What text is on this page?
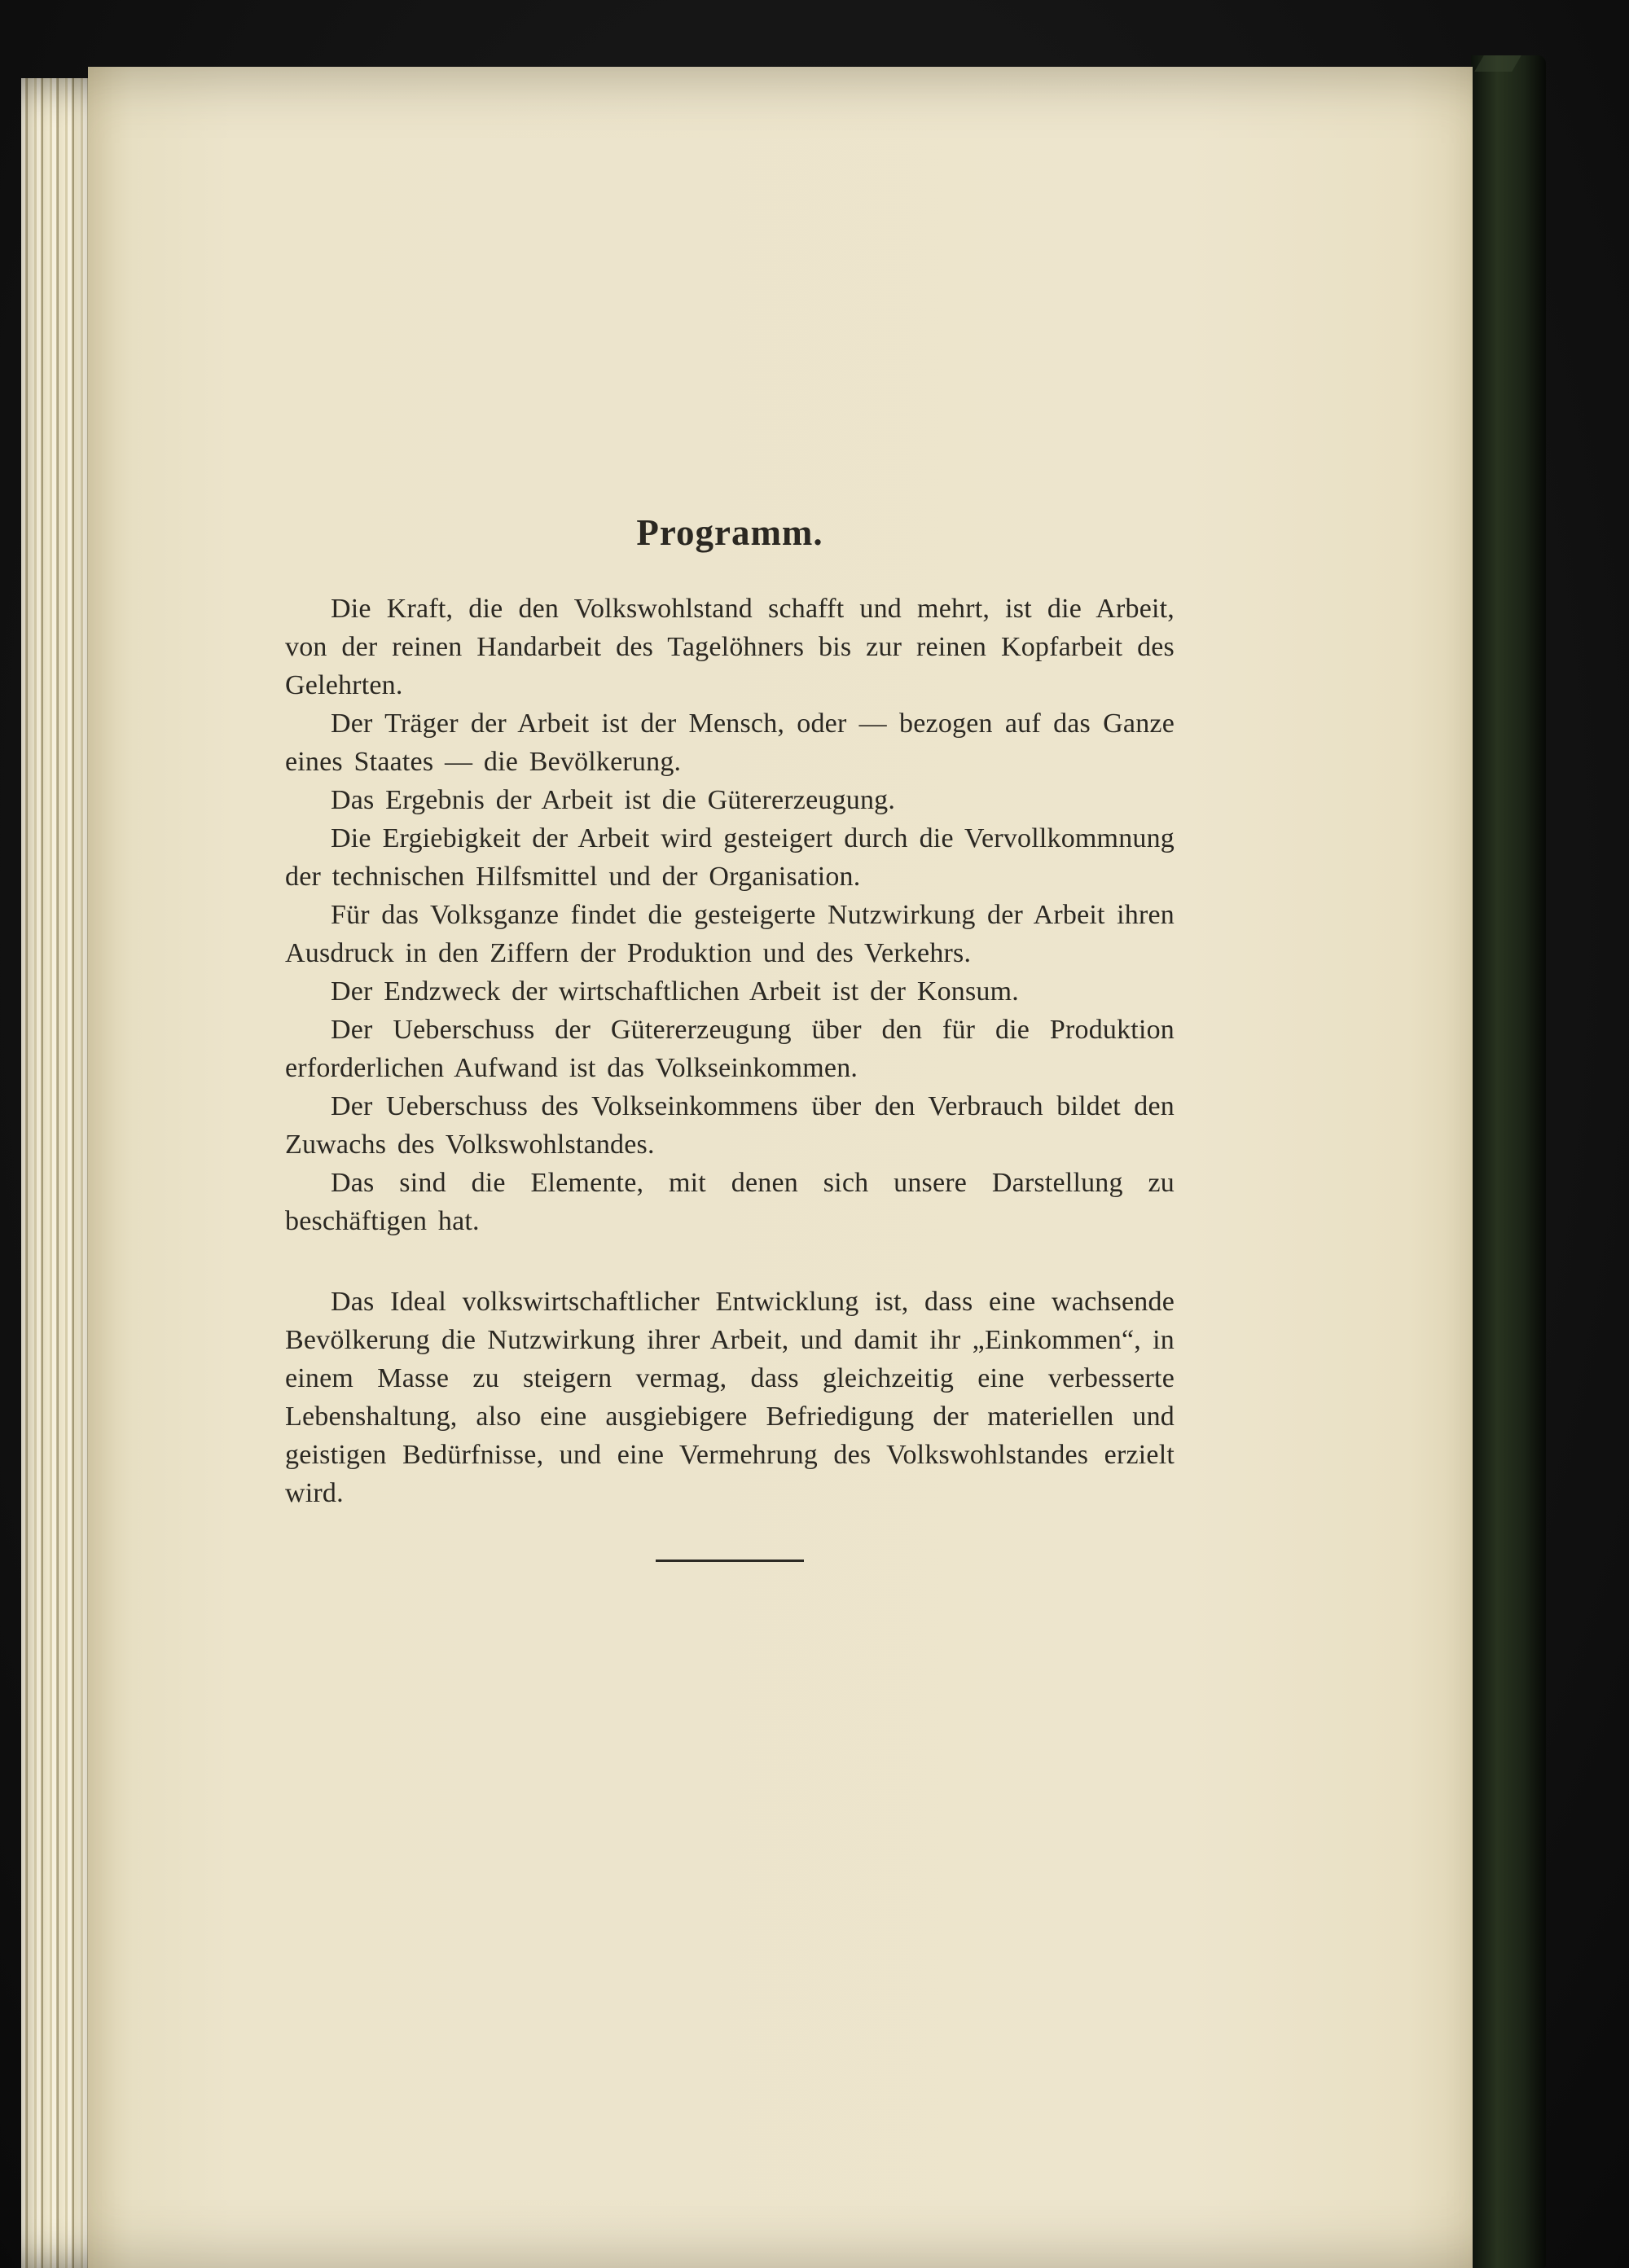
Programm.

Die Kraft, die den Volkswohlstand schafft und mehrt, ist die Arbeit, von der reinen Handarbeit des Tagelöhners bis zur reinen Kopfarbeit des Gelehrten.

Der Träger der Arbeit ist der Mensch, oder — bezogen auf das Ganze eines Staates — die Bevölkerung.

Das Ergebnis der Arbeit ist die Gütererzeugung.

Die Ergiebigkeit der Arbeit wird gesteigert durch die Vervollkommnung der technischen Hilfsmittel und der Organisation.

Für das Volksganze findet die gesteigerte Nutzwirkung der Arbeit ihren Ausdruck in den Ziffern der Produktion und des Verkehrs.

Der Endzweck der wirtschaftlichen Arbeit ist der Konsum.

Der Ueberschuss der Gütererzeugung über den für die Produktion erforderlichen Aufwand ist das Volkseinkommen.

Der Ueberschuss des Volkseinkommens über den Verbrauch bildet den Zuwachs des Volkswohlstandes.

Das sind die Elemente, mit denen sich unsere Darstellung zu beschäftigen hat.

Das Ideal volkswirtschaftlicher Entwicklung ist, dass eine wachsende Bevölkerung die Nutzwirkung ihrer Arbeit, und damit ihr „Einkommen“, in einem Masse zu steigern vermag, dass gleichzeitig eine verbesserte Lebenshaltung, also eine ausgiebigere Befriedigung der materiellen und geistigen Bedürfnisse, und eine Vermehrung des Volkswohlstandes erzielt wird.
